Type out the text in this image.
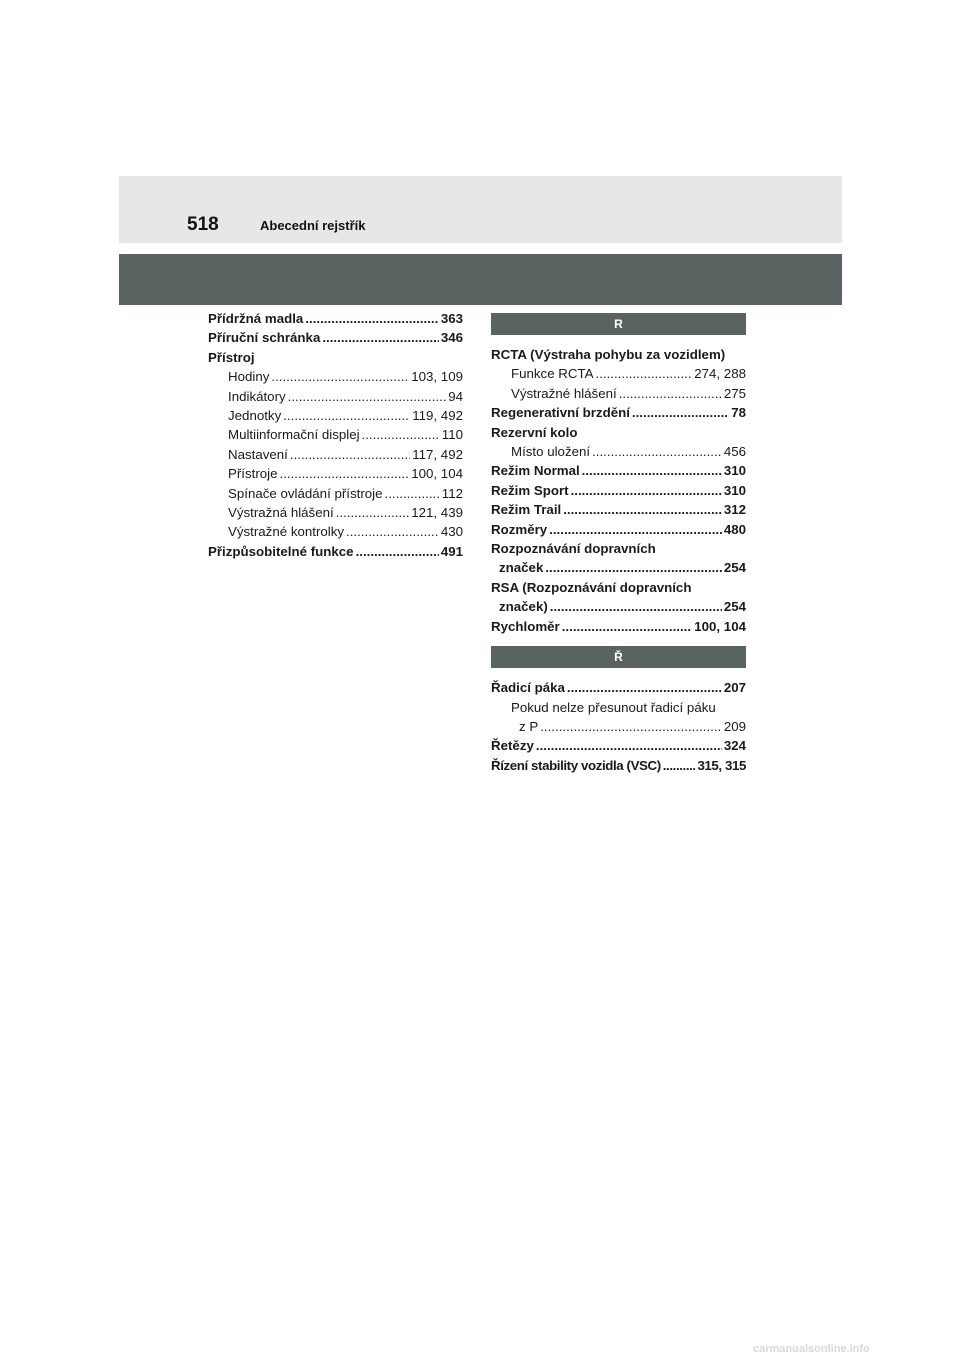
518	Abecední rejstřík
Přídržná madla .....	363
Příruční schránka .....	346
Přístroj
Hodiny .....	103, 109
Indikátory .....	94
Jednotky .....	119, 492
Multiinformační displej .....	110
Nastavení .....	117, 492
Přístroje .....	100, 104
Spínače ovládání přístroje .....	112
Výstražná hlášení .....	121, 439
Výstražné kontrolky .....	430
Přizpůsobitelné funkce .....	491
R
RCTA (Výstraha pohybu za vozidlem)
Funkce RCTA .....	274, 288
Výstražné hlášení .....	275
Regenerativní brzdění .....	78
Rezervní kolo
Místo uložení .....	456
Režim Normal .....	310
Režim Sport .....	310
Režim Trail .....	312
Rozměry .....	480
Rozpoznávání dopravních
značek .....	254
RSA (Rozpoznávání dopravních
značek) .....	254
Rychloměr .....	100, 104
Ř
Řadicí páka .....	207
Pokud nelze přesunout řadicí páku
z P .....	209
Řetězy .....	324
Řízení stability vozidla (VSC) .....	315, 315
carmanualsonline.info
